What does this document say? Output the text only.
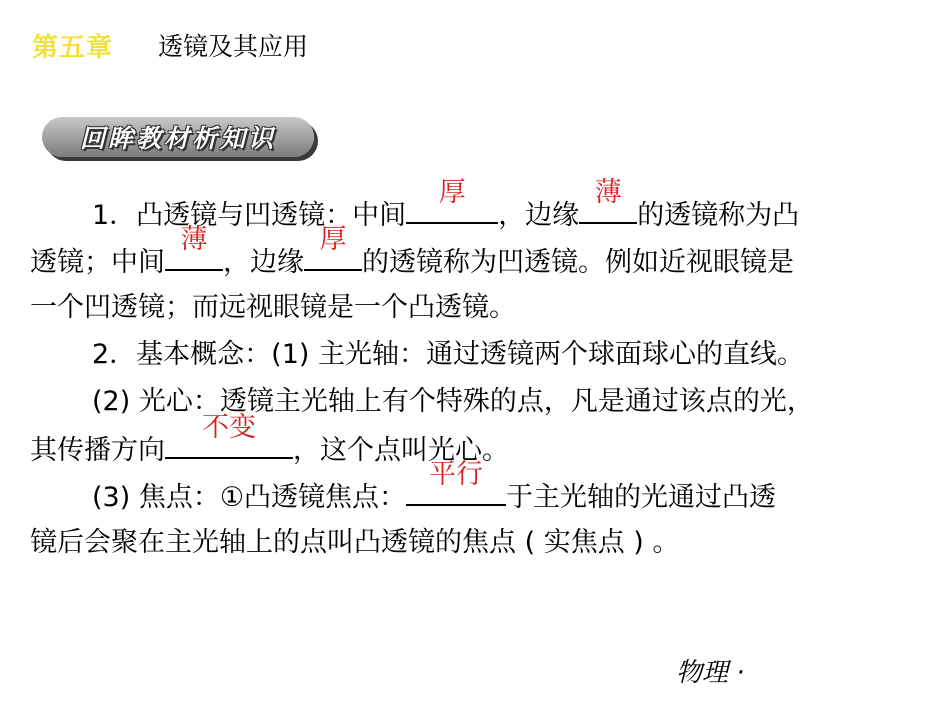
第五章 透镜及其应用
回眸教材析知识
1．凸透镜与凹透镜：中间
厚
，边缘
薄
的透镜称为凸
透镜；中间
薄
，边缘
厚
的透镜称为凹透镜。例如近视眼镜是
一个凹透镜；而远视眼镜是一个凸透镜。
2．基本概念：(1) 主光轴：通过透镜两个球面球心的直线。
(2) 光心：透镜主光轴上有个特殊的点，凡是通过该点的光，
其传播方向
不变
，这个点叫光心。
(3) 焦点：①凸透镜焦点：
平行
于主光轴的光通过凸透
镜后会聚在主光轴上的点叫凸透镜的焦点 ( 实焦点 ) 。
物理 ·
